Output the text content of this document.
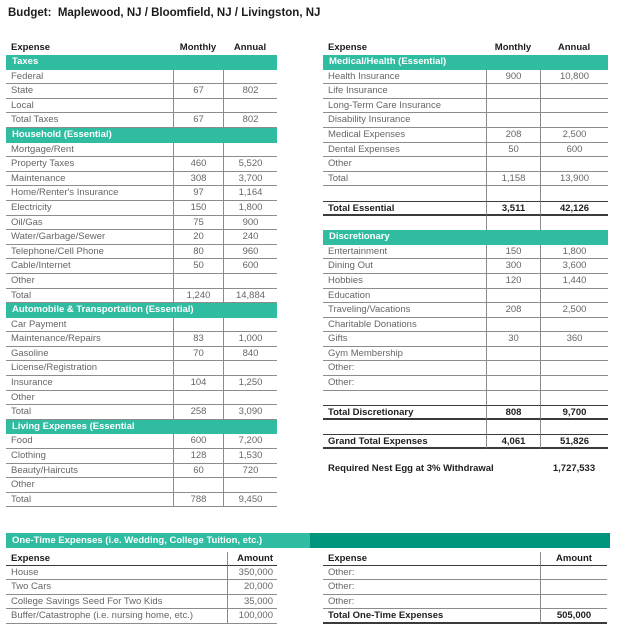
Budget:  Maplewood, NJ / Bloomfield, NJ / Livingston, NJ
Expense	Monthly	Annual
Taxes
Federal
State	67	802
Local
Total Taxes	67	802
Household (Essential)
Mortgage/Rent
Property Taxes	460	5,520
Maintenance	308	3,700
Home/Renter's Insurance	97	1,164
Electricity	150	1,800
Oil/Gas	75	900
Water/Garbage/Sewer	20	240
Telephone/Cell Phone	80	960
Cable/Internet	50	600
Other
Total	1,240	14,884
Automobile & Transportation (Essential)
Car Payment
Maintenance/Repairs	83	1,000
Gasoline	70	840
License/Registration
Insurance	104	1,250
Other
Total	258	3,090
Living Expenses (Essential
Food	600	7,200
Clothing	128	1,530
Beauty/Haircuts	60	720
Other
Total	788	9,450
Expense	Monthly	Annual
Medical/Health (Essential)
Health Insurance	900	10,800
Life Insurance
Long-Term Care Insurance
Disability Insurance
Medical Expenses	208	2,500
Dental Expenses	50	600
Other
Total	1,158	13,900
Total Essential	3,511	42,126
Discretionary
Entertainment	150	1,800
Dining Out	300	3,600
Hobbies	120	1,440
Education
Traveling/Vacations	208	2,500
Charitable Donations
Gifts	30	360
Gym Membership
Other:
Other:
Total Discretionary	808	9,700
Grand Total Expenses	4,061	51,826
Required Nest Egg at 3% Withdrawal	1,727,533
One-Time Expenses (i.e. Wedding, College Tuition, etc.)
Expense	Amount
House	350,000
Two Cars	20,000
College Savings Seed For Two Kids	35,000
Buffer/Catastrophe (i.e. nursing home, etc.)	100,000
Expense	Amount
Other:
Other:
Other:
Total One-Time Expenses	505,000
